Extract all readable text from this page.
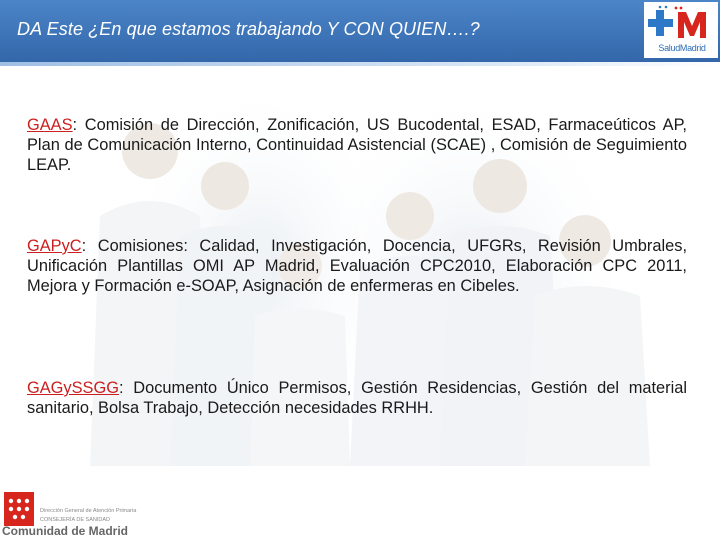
DA Este ¿En que estamos trabajando Y CON QUIEN….?
SaludMadrid

GAAS: Comisión de Dirección, Zonificación, US Bucodental, ESAD, Farmaceúticos AP, Plan de Comunicación Interno, Continuidad Asistencial (SCAE) , Comisión de Seguimiento LEAP.

GAPyC: Comisiones: Calidad, Investigación, Docencia, UFGRs, Revisión Umbrales, Unificación Plantillas OMI AP Madrid, Evaluación CPC2010, Elaboración CPC 2011, Mejora y Formación e-SOAP, Asignación de enfermeras en Cibeles.

GAGySSGG: Documento Único Permisos, Gestión Residencias, Gestión del material sanitario, Bolsa Trabajo, Detección necesidades RRHH.

Dirección General de Atención Primaria
CONSEJERÍA DE SANIDAD
Comunidad de Madrid
